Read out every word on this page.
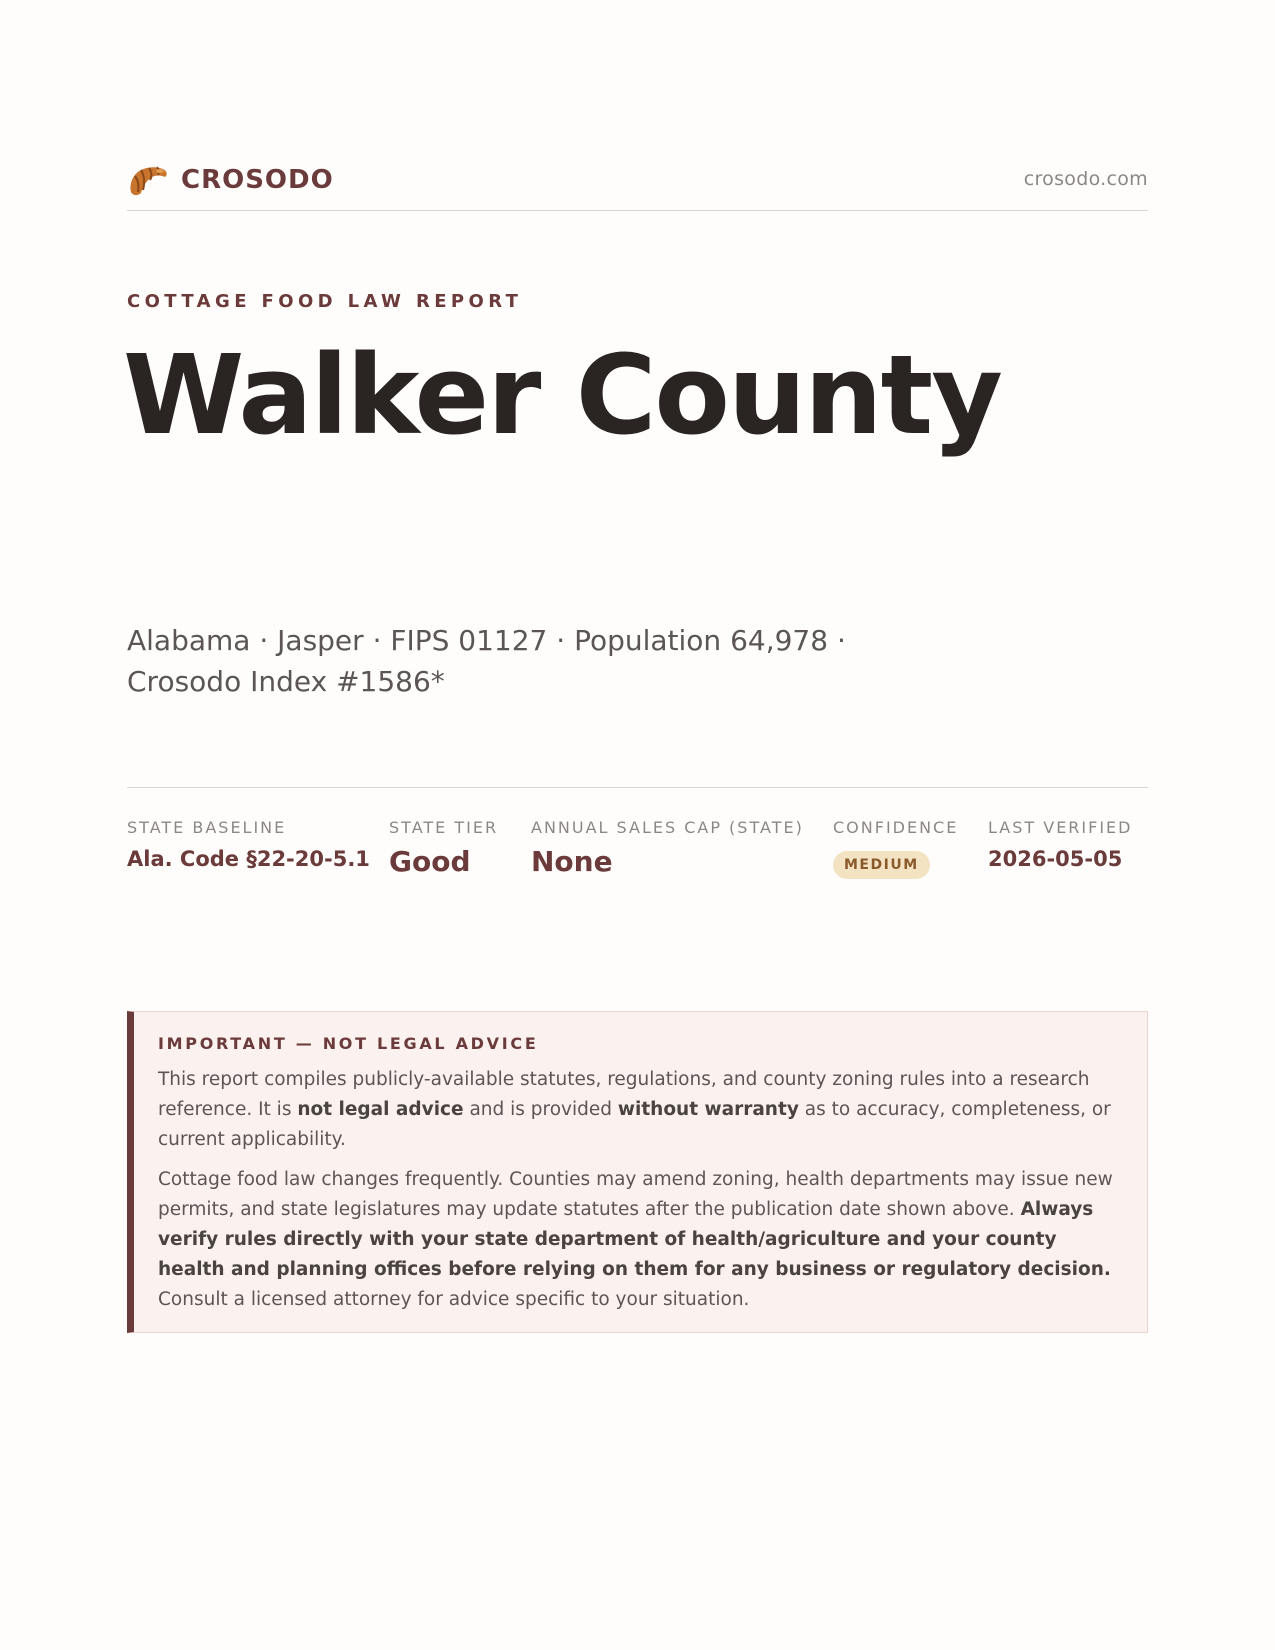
CROSODO	crosodo.com
COTTAGE FOOD LAW REPORT
Walker County
Alabama · Jasper · FIPS 01127 · Population 64,978 · Crosodo Index #1586*
STATE BASELINE
Ala. Code §22-20-5.1
STATE TIER
Good
ANNUAL SALES CAP (STATE)
None
CONFIDENCE
MEDIUM
LAST VERIFIED
2026-05-05
IMPORTANT — NOT LEGAL ADVICE

This report compiles publicly-available statutes, regulations, and county zoning rules into a research reference. It is not legal advice and is provided without warranty as to accuracy, completeness, or current applicability.

Cottage food law changes frequently. Counties may amend zoning, health departments may issue new permits, and state legislatures may update statutes after the publication date shown above. Always verify rules directly with your state department of health/agriculture and your county health and planning offices before relying on them for any business or regulatory decision. Consult a licensed attorney for advice specific to your situation.
